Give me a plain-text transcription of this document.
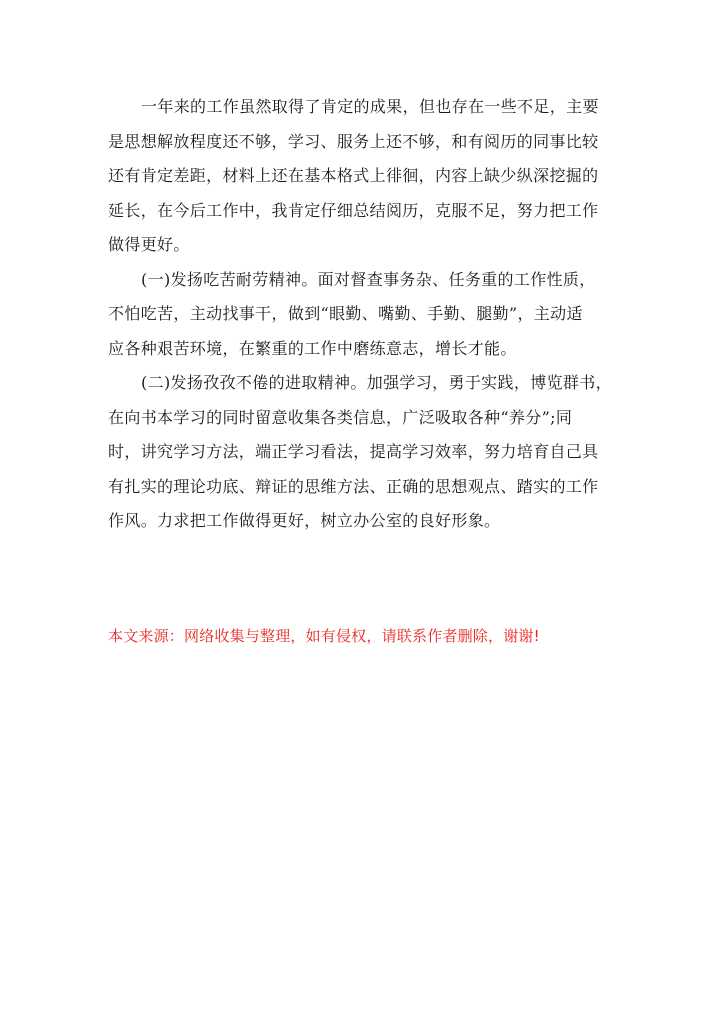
一年来的工作虽然取得了肯定的成果，但也存在一些不足，主要
是思想解放程度还不够，学习、服务上还不够，和有阅历的同事比较
还有肯定差距，材料上还在基本格式上徘徊，内容上缺少纵深挖掘的
延长，在今后工作中，我肯定仔细总结阅历，克服不足，努力把工作
做得更好。
(一)发扬吃苦耐劳精神。面对督查事务杂、任务重的工作性质，
不怕吃苦，主动找事干，做到“眼勤、嘴勤、手勤、腿勤”，主动适
应各种艰苦环境，在繁重的工作中磨练意志，增长才能。
(二)发扬孜孜不倦的进取精神。加强学习，勇于实践，博览群书，
在向书本学习的同时留意收集各类信息，广泛吸取各种“养分”;同
时，讲究学习方法，端正学习看法，提高学习效率，努力培育自己具
有扎实的理论功底、辩证的思维方法、正确的思想观点、踏实的工作
作风。力求把工作做得更好，树立办公室的良好形象。
本文来源：网络收集与整理，如有侵权，请联系作者删除，谢谢!
